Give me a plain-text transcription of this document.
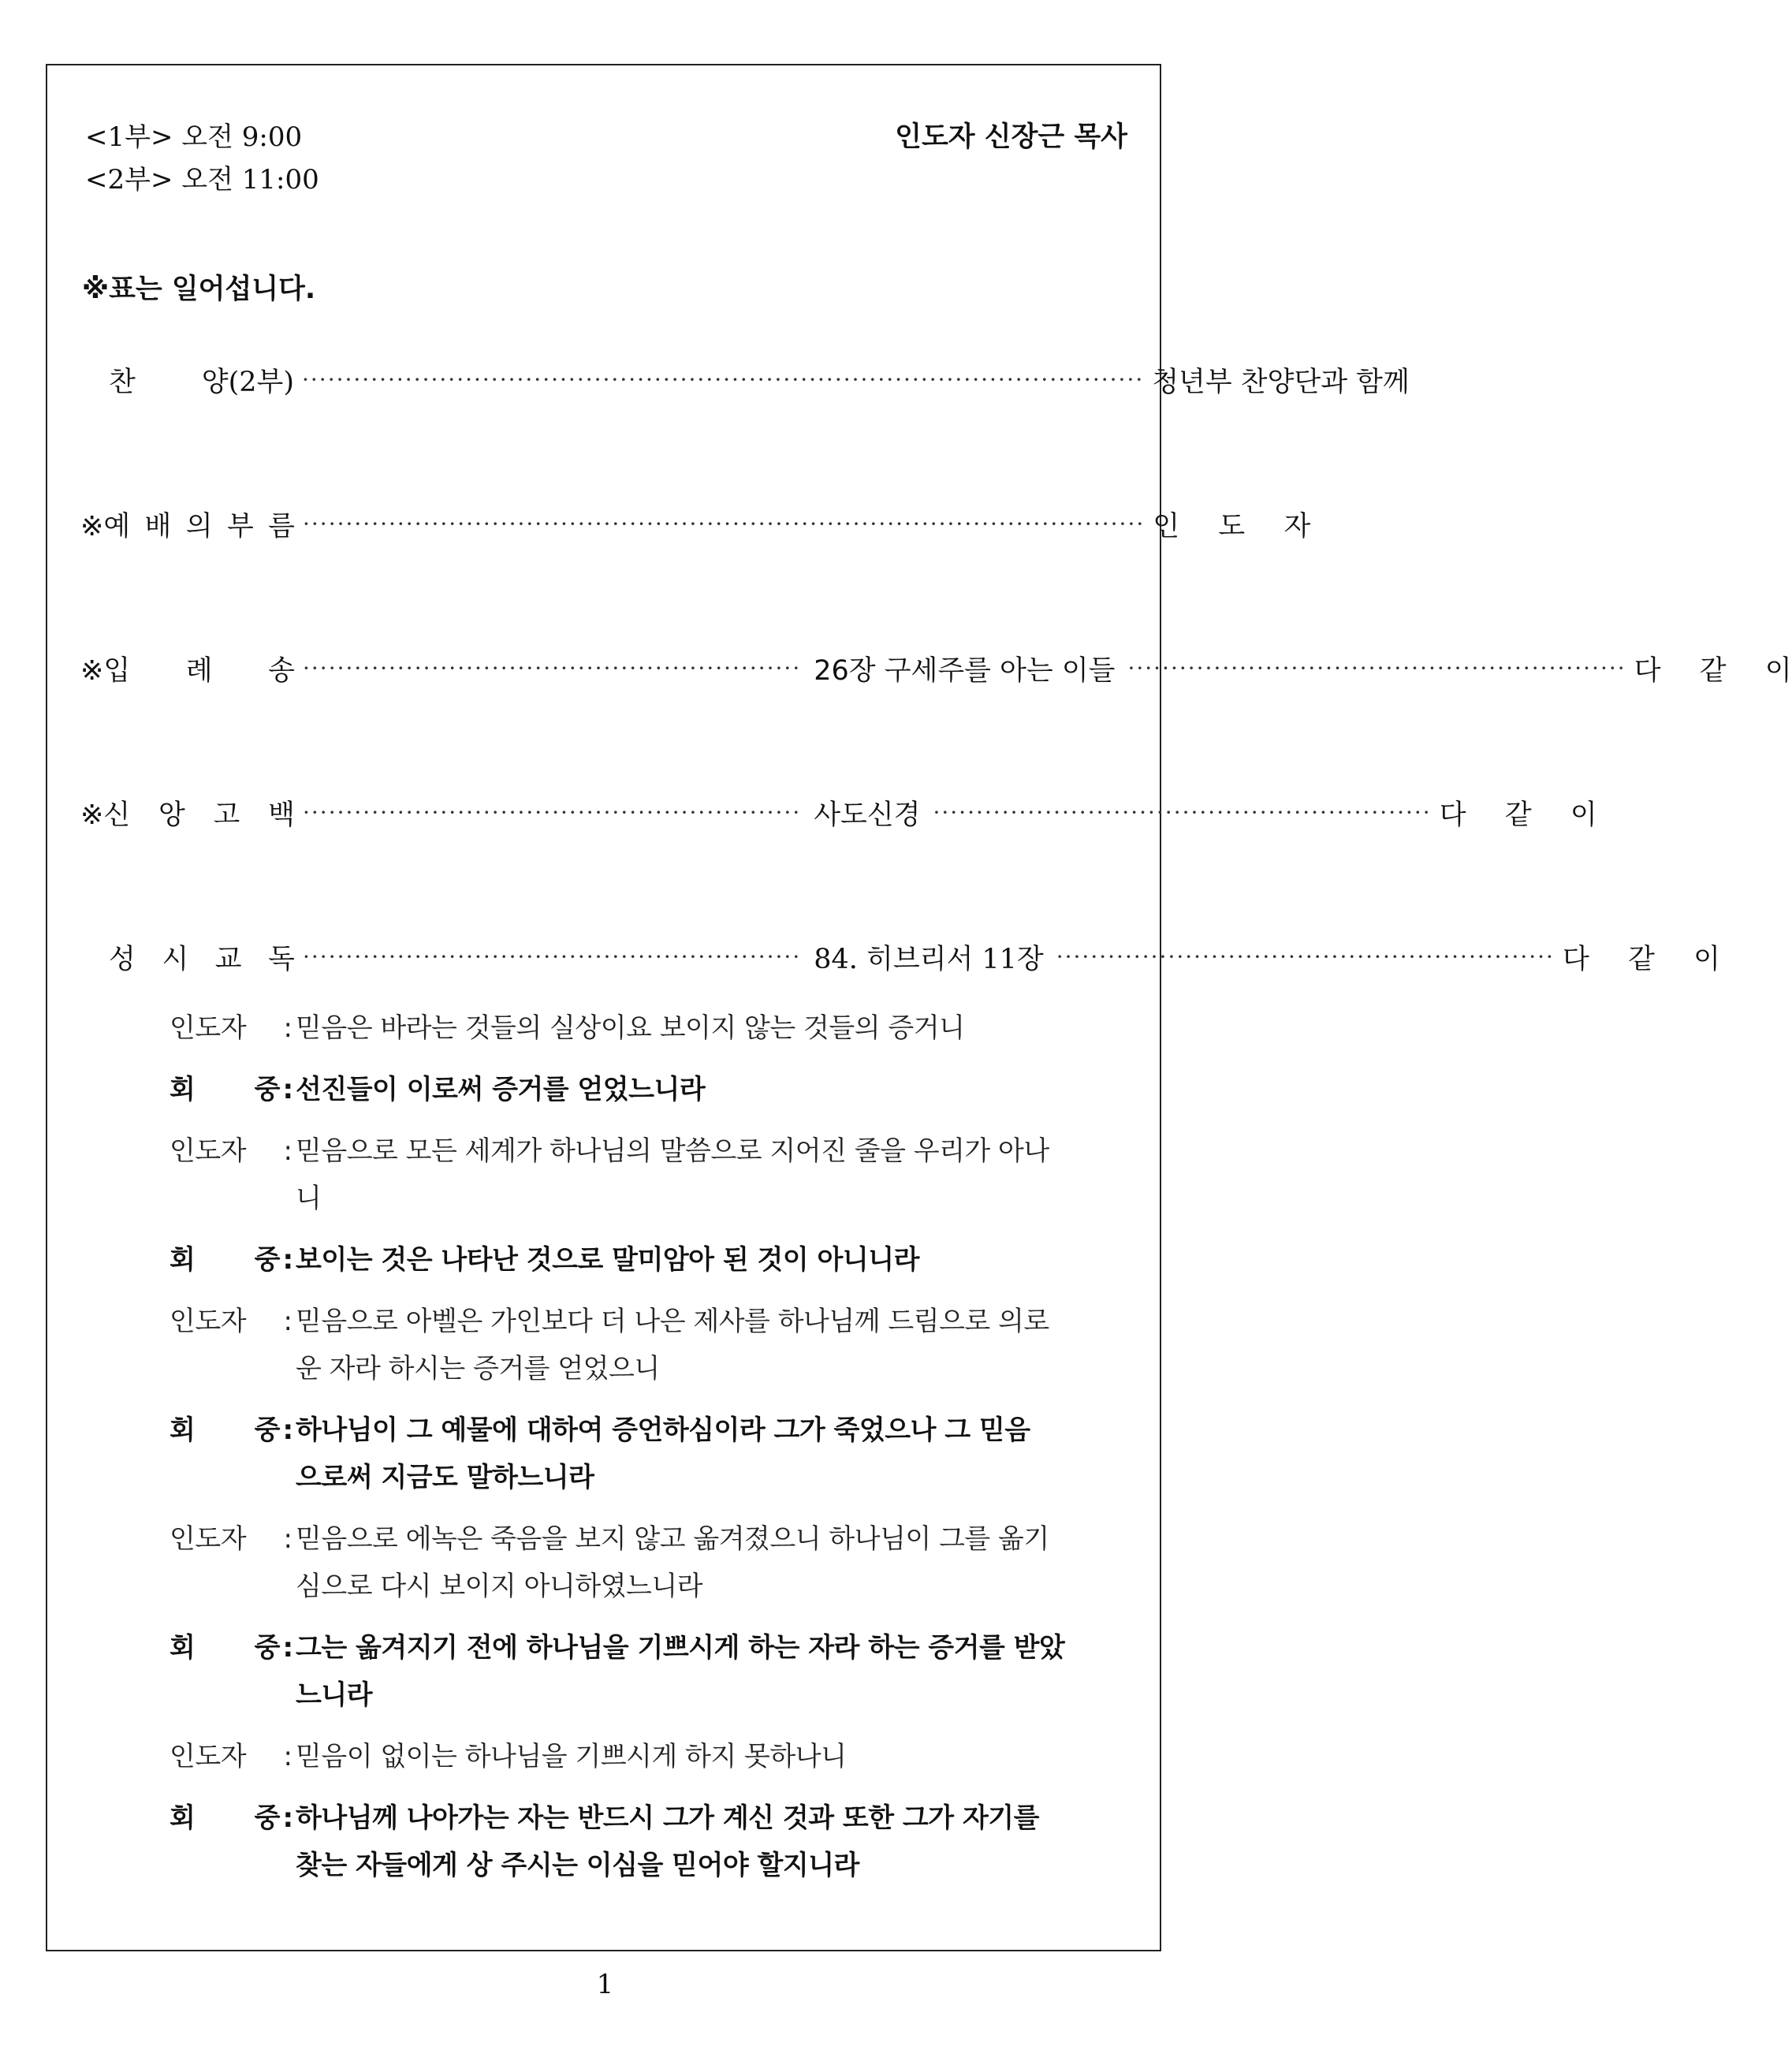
<1부> 오전 9:00
<2부> 오전 11:00
인도자 신장근 목사
※표는 일어섭니다.
찬 양(2부) ·································································································· 청년부 찬양단과 함께
※예 배 의 부 름 ·································································································· 인 도 자
※입 례 송 ·························································· 26장 구세주를 아는 이들 ·························································· 다 같 이
※신 앙 고 백 ·························································· 사도신경 ·························································· 다 같 이
성 시 교 독 ·························································· 84. 히브리서 11장 ·························································· 다 같 이
인도자 : 믿음은 바라는 것들의 실상이요 보이지 않는 것들의 증거니
회 중 : 선진들이 이로써 증거를 얻었느니라
인도자 : 믿음으로 모든 세계가 하나님의 말씀으로 지어진 줄을 우리가 아나니
회 중 : 보이는 것은 나타난 것으로 말미암아 된 것이 아니니라
인도자 : 믿음으로 아벨은 가인보다 더 나은 제사를 하나님께 드림으로 의로운 자라 하시는 증거를 얻었으니
회 중 : 하나님이 그 예물에 대하여 증언하심이라 그가 죽었으나 그 믿음으로써 지금도 말하느니라
인도자 : 믿음으로 에녹은 죽음을 보지 않고 옮겨졌으니 하나님이 그를 옮기심으로 다시 보이지 아니하였느니라
회 중 : 그는 옮겨지기 전에 하나님을 기쁘시게 하는 자라 하는 증거를 받았느니라
인도자 : 믿음이 없이는 하나님을 기쁘시게 하지 못하나니
회 중 : 하나님께 나아가는 자는 반드시 그가 계신 것과 또한 그가 자기를 찾는 자들에게 상 주시는 이심을 믿어야 할지니라
1
